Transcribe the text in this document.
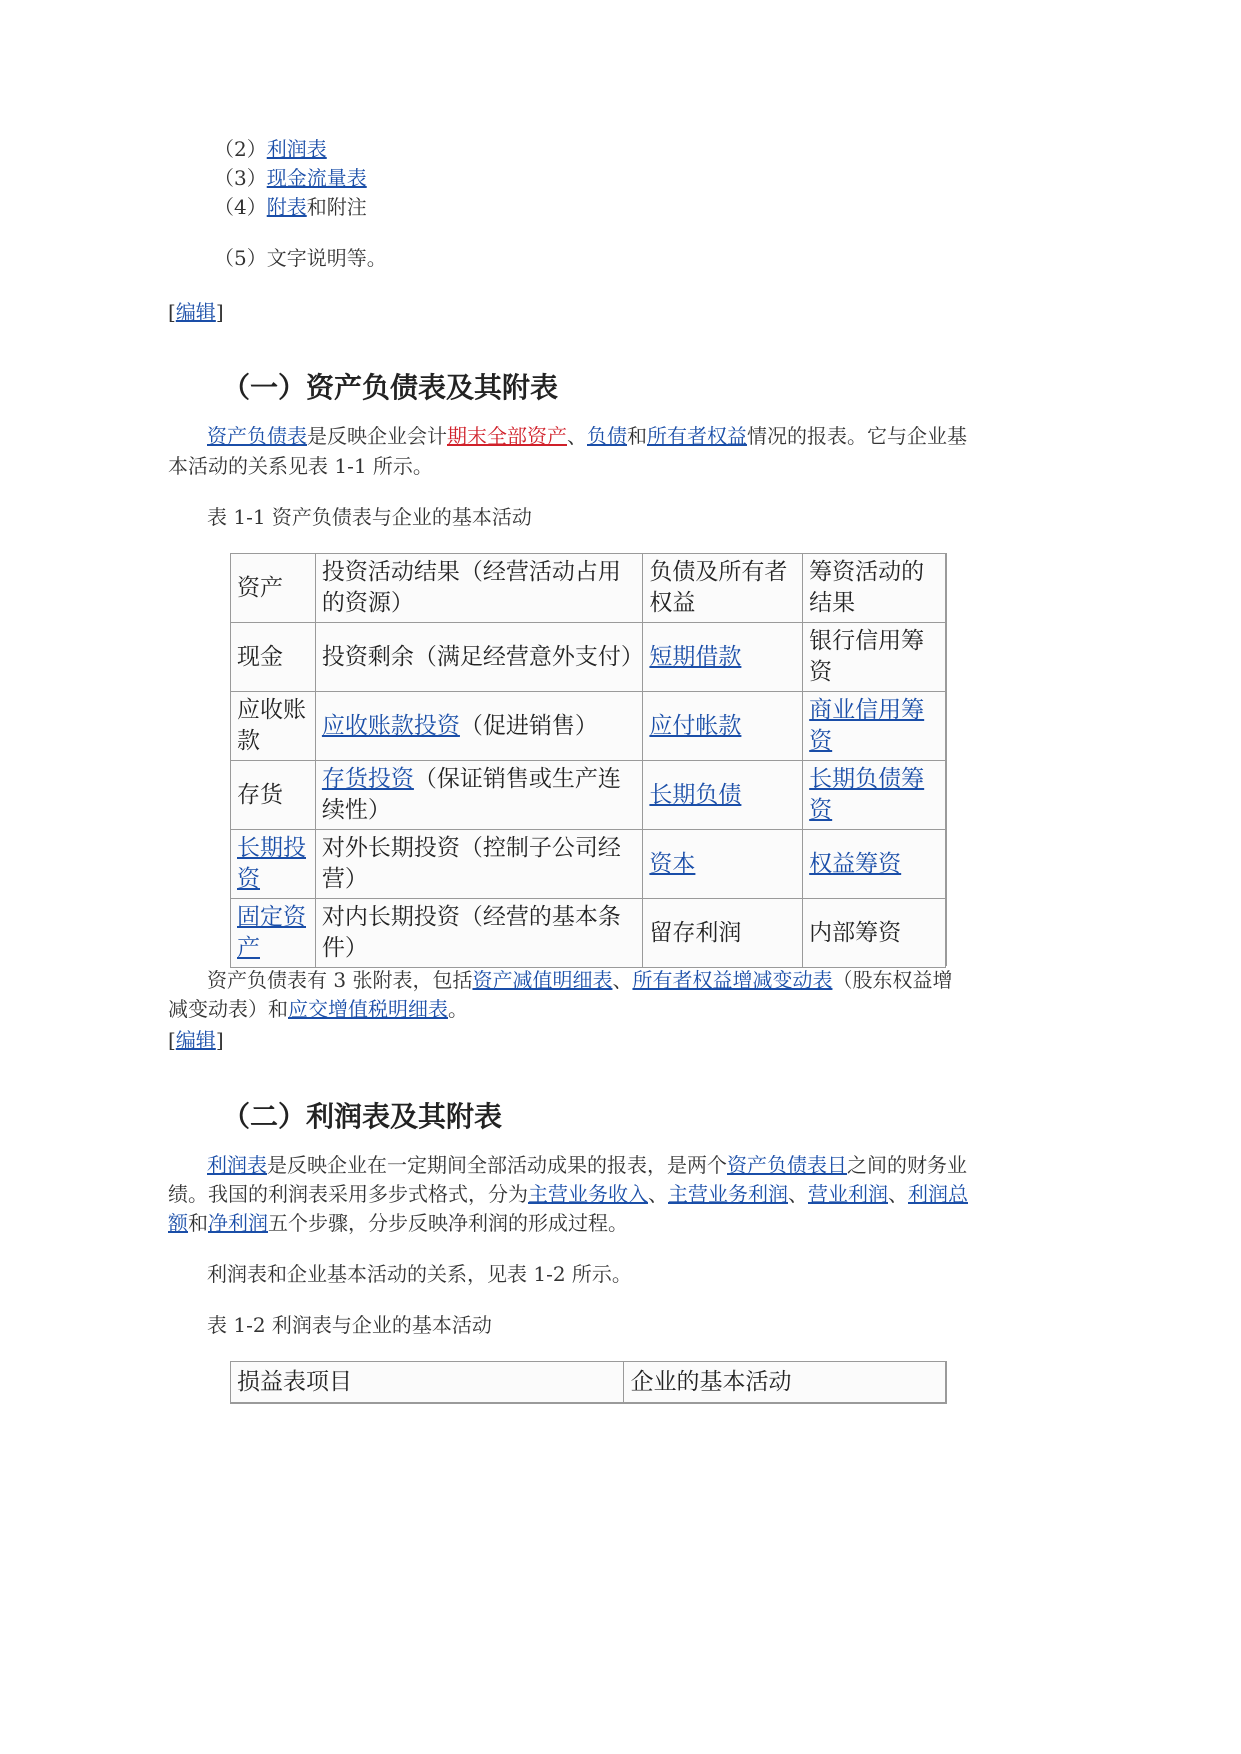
（2）利润表
（3）现金流量表
（4）附表和附注
（5）文字说明等。
[编辑]
（一）资产负债表及其附表
资产负债表是反映企业会计期末全部资产、负债和所有者权益情况的报表。它与企业基
本活动的关系见表 1-1 所示。
表 1-1 资产负债表与企业的基本活动
资产	投资活动结果（经营活动占用的资源）	负债及所有者权益	筹资活动的结果
现金	投资剩余（满足经营意外支付）	短期借款	银行信用筹资
应收账款	应收账款投资（促进销售）	应付帐款	商业信用筹资
存货	存货投资（保证销售或生产连续性）	长期负债	长期负债筹资
长期投资	对外长期投资（控制子公司经营）	资本	权益筹资
固定资产	对内长期投资（经营的基本条件）	留存利润	内部筹资
资产负债表有 3 张附表，包括资产减值明细表、所有者权益增减变动表（股东权益增
减变动表）和应交增值税明细表。
[编辑]
（二）利润表及其附表
利润表是反映企业在一定期间全部活动成果的报表，是两个资产负债表日之间的财务业
绩。我国的利润表采用多步式格式，分为主营业务收入、主营业务利润、营业利润、利润总
额和净利润五个步骤，分步反映净利润的形成过程。
利润表和企业基本活动的关系，见表 1-2 所示。
表 1-2 利润表与企业的基本活动
损益表项目	企业的基本活动
